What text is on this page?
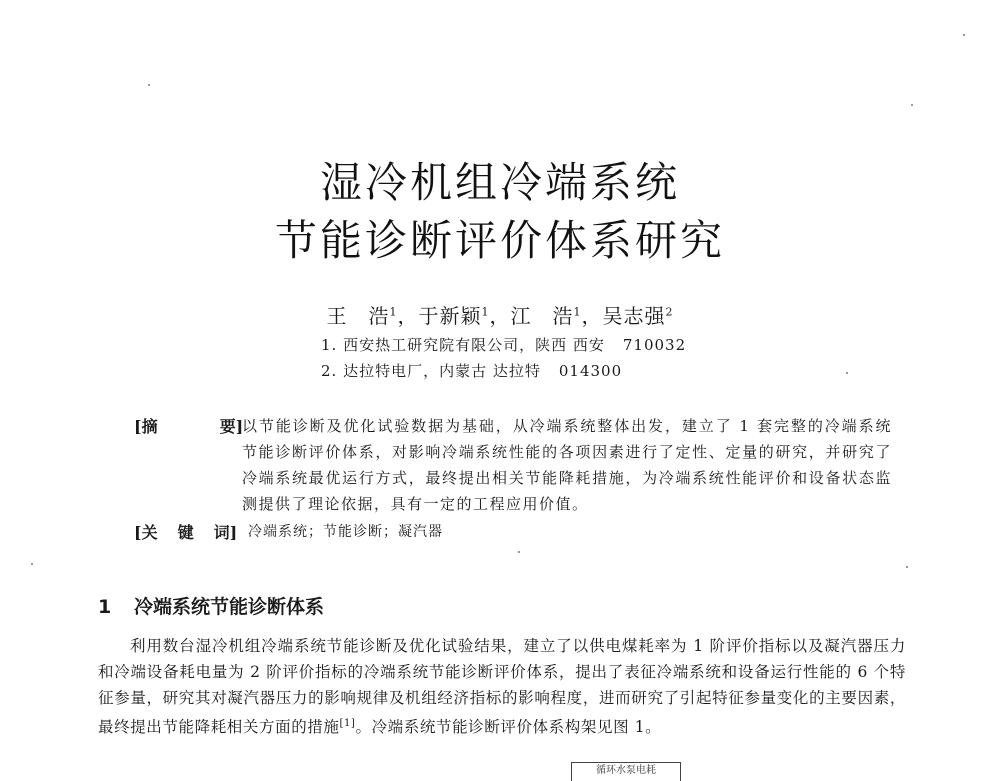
湿冷机组冷端系统
节能诊断评价体系研究
王　浩$^1$，于新颖$^1$，江　浩$^1$，吴志强$^2$
1. 西安热工研究院有限公司，陕西 西安 710032
2. 达拉特电厂，内蒙古 达拉特 014300
[摘	要]
以节能诊断及优化试验数据为基础，从冷端系统整体出发，建立了 1 套完整的冷端系统节能诊断评价体系，对影响冷端系统性能的各项因素进行了定性、定量的研究，并研究了冷端系统最优运行方式，最终提出相关节能降耗措施，为冷端系统性能评价和设备状态监测提供了理论依据，具有一定的工程应用价值。
[关 键 词] 冷端系统；节能诊断；凝汽器
1 冷端系统节能诊断体系

利用数台湿冷机组冷端系统节能诊断及优化试验结果，建立了以供电煤耗率为 1 阶评价指标以及凝汽器压力和冷端设备耗电量为 2 阶评价指标的冷端系统节能诊断评价体系，提出了表征冷端系统和设备运行性能的 6 个特征参量，研究其对凝汽器压力的影响规律及机组经济指标的影响程度，进而研究了引起特征参量变化的主要因素，最终提出节能降耗相关方面的措施[1]。冷端系统节能诊断评价体系构架见图 1。

循环水泵电耗
